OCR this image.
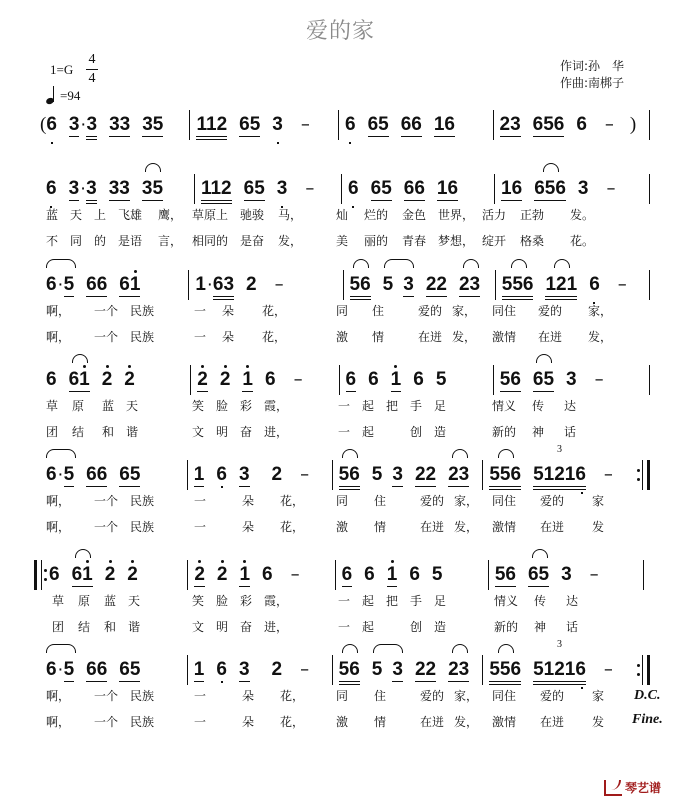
爱的家
1=G
4
4
=94
作词:孙　华
作曲:南梆子
( 6 3 · 3 33 35 112 65 3 – 6 65 66 16 23 656 6 – )
6 3 · 3 33 35 112 65 3 – 6 65 66 16 16 656 3 –
蓝 天 上 飞雄 鹰， 草原上 驰骏 马，	灿 烂的 金色 世界， 活力 正勃 发。
不 同 的 是语 言， 相同的 是奋 发，	美 丽的 青春 梦想， 绽开 格桑 花。
6 · 5 66 61	1 · 63 2 –	56 5 3 22 23 556 121 6 –
啊， 一个 民族	一 朵 花，	同 住	爱的 家， 同住 爱的 家，
啊， 一个 民族	一 朵 花，	激 情	在迸 发， 激情 在迸 发，
6 61 2 2	2 2 1 6 – 6 6 1 6 5	56 65 3 –
草 原 蓝 天	笑 脸 彩 霞，	一 起 把 手 足	情义 传 达
团 结 和 谐	文 明 奋 进，	一 起	创 造	新的 神 话
6 · 5 66 65	1 6 3 2 – 56 5 3 22 23 556
3
51216 –
啊， 一个 民族	一	朵 花，	同 住	爱的 家， 同住 爱的 家
啊， 一个 民族	一	朵 花，	激 情	在迸 发， 激情 在迸 发
6 61 2 2	2 2 1 6 – 6 6 1 6 5	56 65 3 –
草 原 蓝 天	笑 脸 彩 霞，	一 起 把 手 足	情义 传 达
团 结 和 谐	文 明 奋 进，	一 起	创 造	新的 神 话
6 · 5 66 65	1 6 3 2 – 56 5 3 22 23 556
3
51216 –
啊， 一个 民族	一	朵 花，	同 住	爱的 家， 同住 爱的 家
啊， 一个 民族	一	朵 花，	激 情	在迸 发， 激情 在迸 发
D.C.
Fine.
琴艺谱
